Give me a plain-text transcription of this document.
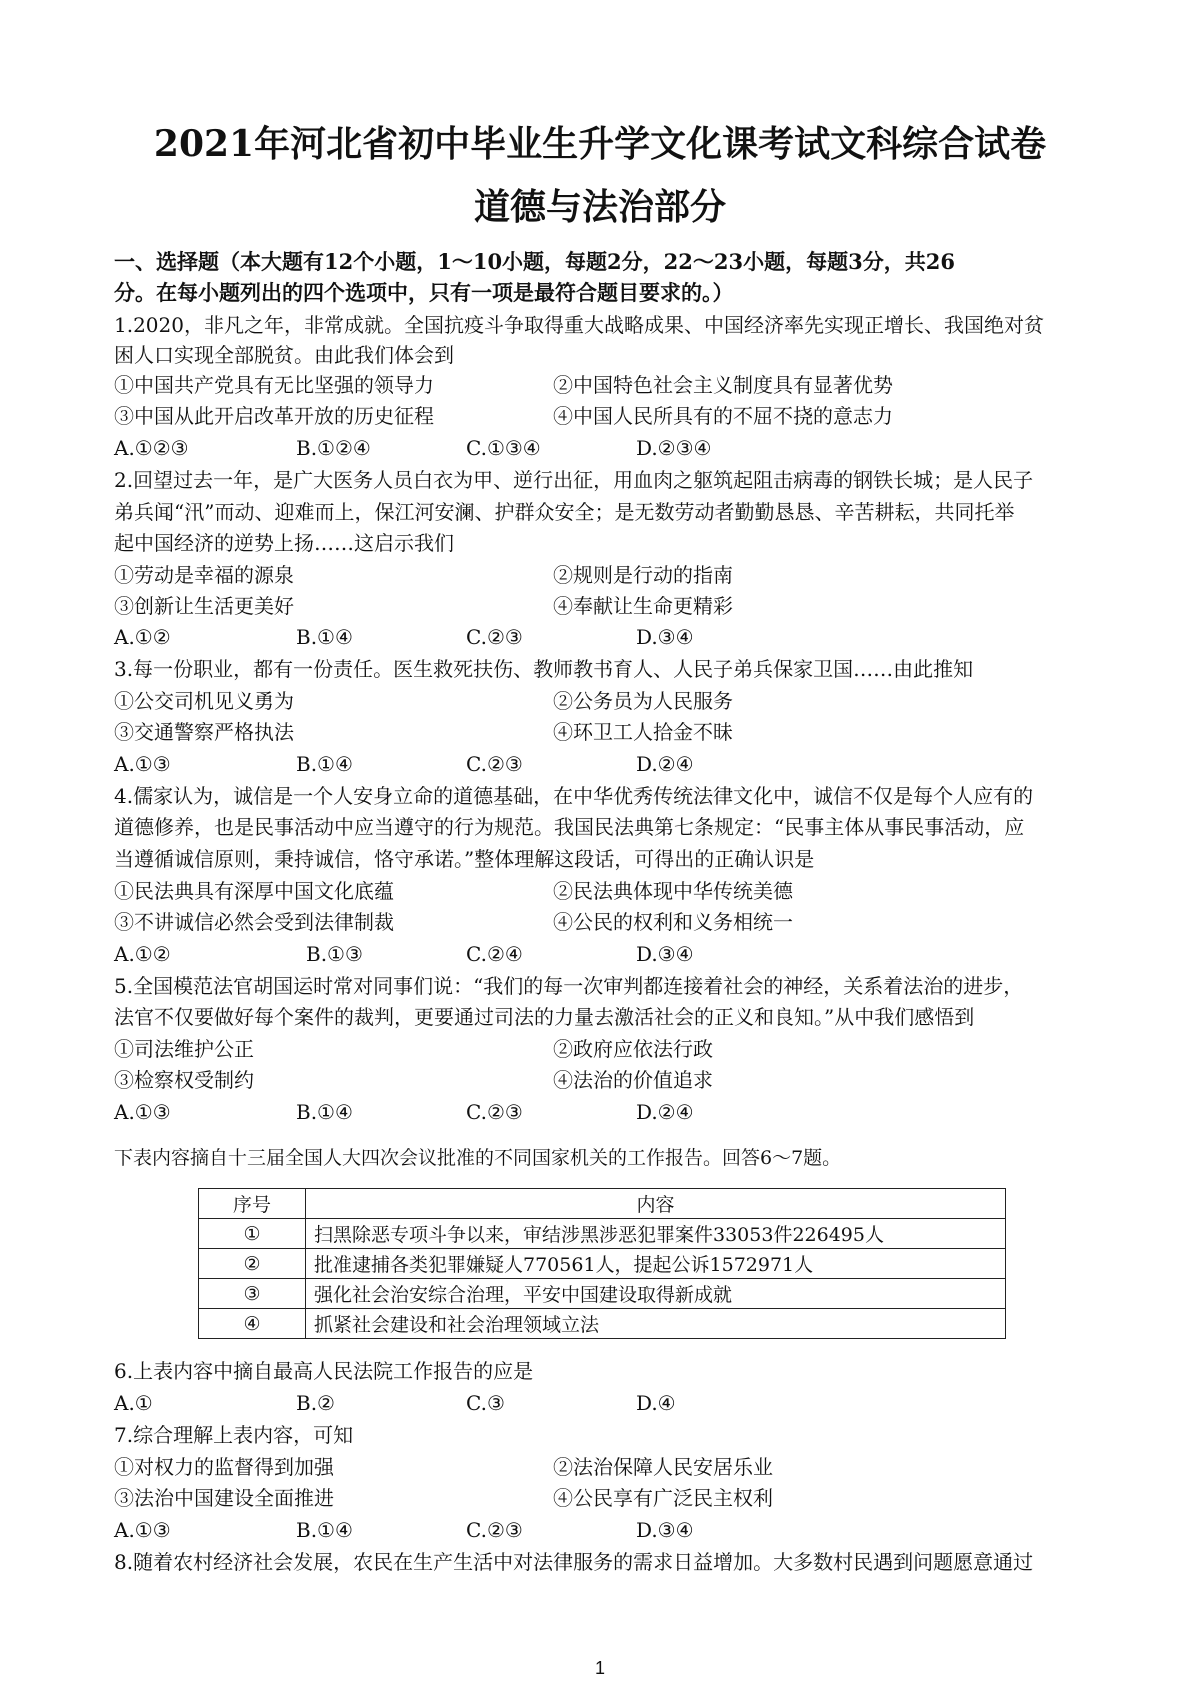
2021年河北省初中毕业生升学文化课考试文科综合试卷
道德与法治部分
一、选择题（本大题有12个小题，1～10小题，每题2分，22～23小题，每题3分，共26
分。在每小题列出的四个选项中，只有一项是最符合题目要求的。）
1.2020，非凡之年，非常成就。全国抗疫斗争取得重大战略成果、中国经济率先实现正增长、我国绝对贫
困人口实现全部脱贫。由此我们体会到
①中国共产党具有无比坚强的领导力	②中国特色社会主义制度具有显著优势
③中国从此开启改革开放的历史征程	④中国人民所具有的不屈不挠的意志力
A.①②③	B.①②④	C.①③④	D.②③④
2.回望过去一年，是广大医务人员白衣为甲、逆行出征，用血肉之躯筑起阻击病毒的钢铁长城；是人民子
弟兵闻“汛”而动、迎难而上，保江河安澜、护群众安全；是无数劳动者勤勤恳恳、辛苦耕耘，共同托举
起中国经济的逆势上扬……这启示我们
①劳动是幸福的源泉	②规则是行动的指南
③创新让生活更美好	④奉献让生命更精彩
A.①②	B.①④	C.②③	D.③④
3.每一份职业，都有一份责任。医生救死扶伤、教师教书育人、人民子弟兵保家卫国……由此推知
①公交司机见义勇为	②公务员为人民服务
③交通警察严格执法	④环卫工人拾金不昧
A.①③	B.①④	C.②③	D.②④
4.儒家认为，诚信是一个人安身立命的道德基础，在中华优秀传统法律文化中，诚信不仅是每个人应有的
道德修养，也是民事活动中应当遵守的行为规范。我国民法典第七条规定：“民事主体从事民事活动，应
当遵循诚信原则，秉持诚信，恪守承诺。”整体理解这段话，可得出的正确认识是
①民法典具有深厚中国文化底蕴	②民法典体现中华传统美德
③不讲诚信必然会受到法律制裁	④公民的权利和义务相统一
A.①②	B.①③	C.②④	D.③④
5.全国模范法官胡国运时常对同事们说：“我们的每一次审判都连接着社会的神经，关系着法治的进步，
法官不仅要做好每个案件的裁判，更要通过司法的力量去激活社会的正义和良知。”从中我们感悟到
①司法维护公正	②政府应依法行政
③检察权受制约	④法治的价值追求
A.①③	B.①④	C.②③	D.②④
下表内容摘自十三届全国人大四次会议批准的不同国家机关的工作报告。回答6～7题。
序号	内容
①	扫黑除恶专项斗争以来，审结涉黑涉恶犯罪案件33053件226495人
②	批准逮捕各类犯罪嫌疑人770561人，提起公诉1572971人
③	强化社会治安综合治理，平安中国建设取得新成就
④	抓紧社会建设和社会治理领域立法
6.上表内容中摘自最高人民法院工作报告的应是
A.①	B.②	C.③	D.④
7.综合理解上表内容，可知
①对权力的监督得到加强	②法治保障人民安居乐业
③法治中国建设全面推进	④公民享有广泛民主权利
A.①③	B.①④	C.②③	D.③④
8.随着农村经济社会发展，农民在生产生活中对法律服务的需求日益增加。大多数村民遇到问题愿意通过
1
